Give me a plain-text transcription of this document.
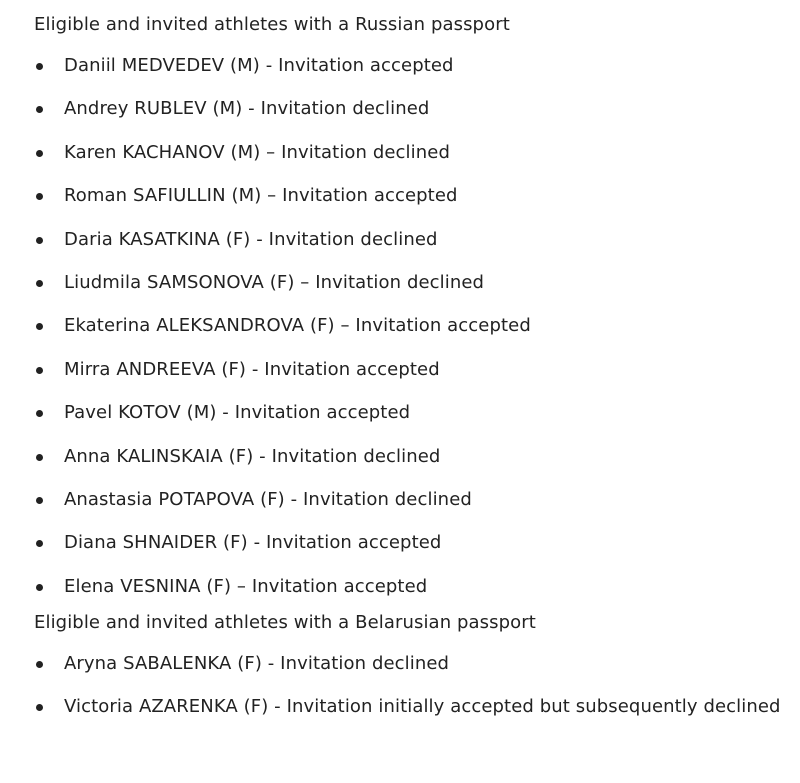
Eligible and invited athletes with a Russian passport

Daniil MEDVEDEV (M) - Invitation accepted
Andrey RUBLEV (M) - Invitation declined
Karen KACHANOV (M) – Invitation declined
Roman SAFIULLIN (M) – Invitation accepted
Daria KASATKINA (F) - Invitation declined
Liudmila SAMSONOVA (F) – Invitation declined
Ekaterina ALEKSANDROVA (F) – Invitation accepted
Mirra ANDREEVA (F) - Invitation accepted
Pavel KOTOV (M) - Invitation accepted
Anna KALINSKAIA (F) - Invitation declined
Anastasia POTAPOVA (F) - Invitation declined
Diana SHNAIDER (F) - Invitation accepted
Elena VESNINA (F) – Invitation accepted

Eligible and invited athletes with a Belarusian passport

Aryna SABALENKA (F) - Invitation declined
Victoria AZARENKA (F) - Invitation initially accepted but subsequently declined
